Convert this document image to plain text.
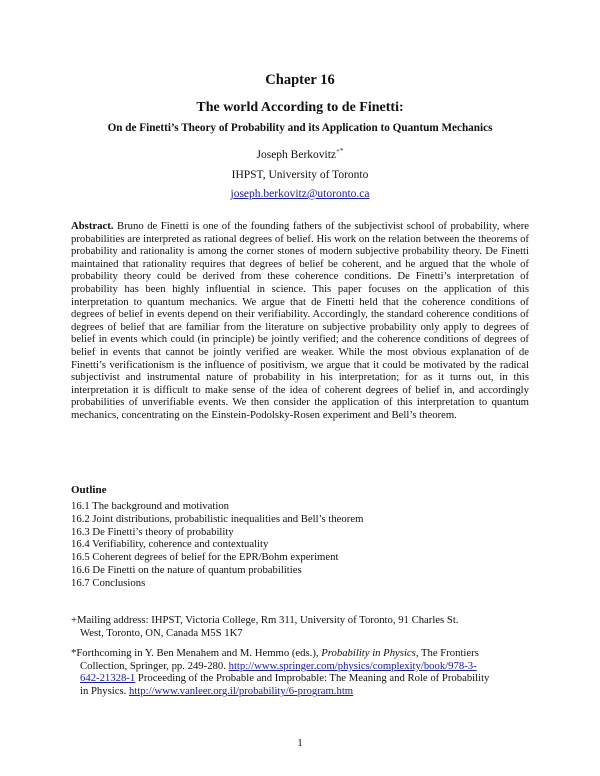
Chapter 16
The world According to de Finetti:
On de Finetti’s Theory of Probability and its Application to Quantum Mechanics
Joseph Berkovitz+*
IHPST, University of Toronto
joseph.berkovitz@utoronto.ca

Abstract. Bruno de Finetti is one of the founding fathers of the subjectivist school of probability, where probabilities are interpreted as rational degrees of belief. His work on the relation between the theorems of probability and rationality is among the corner stones of modern subjective probability theory. De Finetti maintained that rationality requires that degrees of belief be coherent, and he argued that the whole of probability theory could be derived from these coherence conditions. De Finetti’s interpretation of probability has been highly influential in science. This paper focuses on the application of this interpretation to quantum mechanics. We argue that de Finetti held that the coherence conditions of degrees of belief in events depend on their verifiability. Accordingly, the standard coherence conditions of degrees of belief that are familiar from the literature on subjective probability only apply to degrees of belief in events which could (in principle) be jointly verified; and the coherence conditions of degrees of belief in events that cannot be jointly verified are weaker. While the most obvious explanation of de Finetti’s verificationism is the influence of positivism, we argue that it could be motivated by the radical subjectivist and instrumental nature of probability in his interpretation; for as it turns out, in this interpretation it is difficult to make sense of the idea of coherent degrees of belief in, and accordingly probabilities of unverifiable events. We then consider the application of this interpretation to quantum mechanics, concentrating on the Einstein-Podolsky-Rosen experiment and Bell’s theorem.

Outline
16.1 The background and motivation
16.2 Joint distributions, probabilistic inequalities and Bell’s theorem
16.3 De Finetti’s theory of probability
16.4 Verifiability, coherence and contextuality
16.5 Coherent degrees of belief for the EPR/Bohm experiment
16.6 De Finetti on the nature of quantum probabilities
16.7 Conclusions
+Mailing address: IHPST, Victoria College, Rm 311, University of Toronto, 91 Charles St.
West, Toronto, ON, Canada M5S 1K7
*Forthcoming in Y. Ben Menahem and M. Hemmo (eds.), Probability in Physics, The Frontiers
Collection, Springer, pp. 249-280. http://www.springer.com/physics/complexity/book/978-3-
642-21328-1 Proceeding of the Probable and Improbable: The Meaning and Role of Probability
in Physics. http://www.vanleer.org.il/probability/6-program.htm
1
